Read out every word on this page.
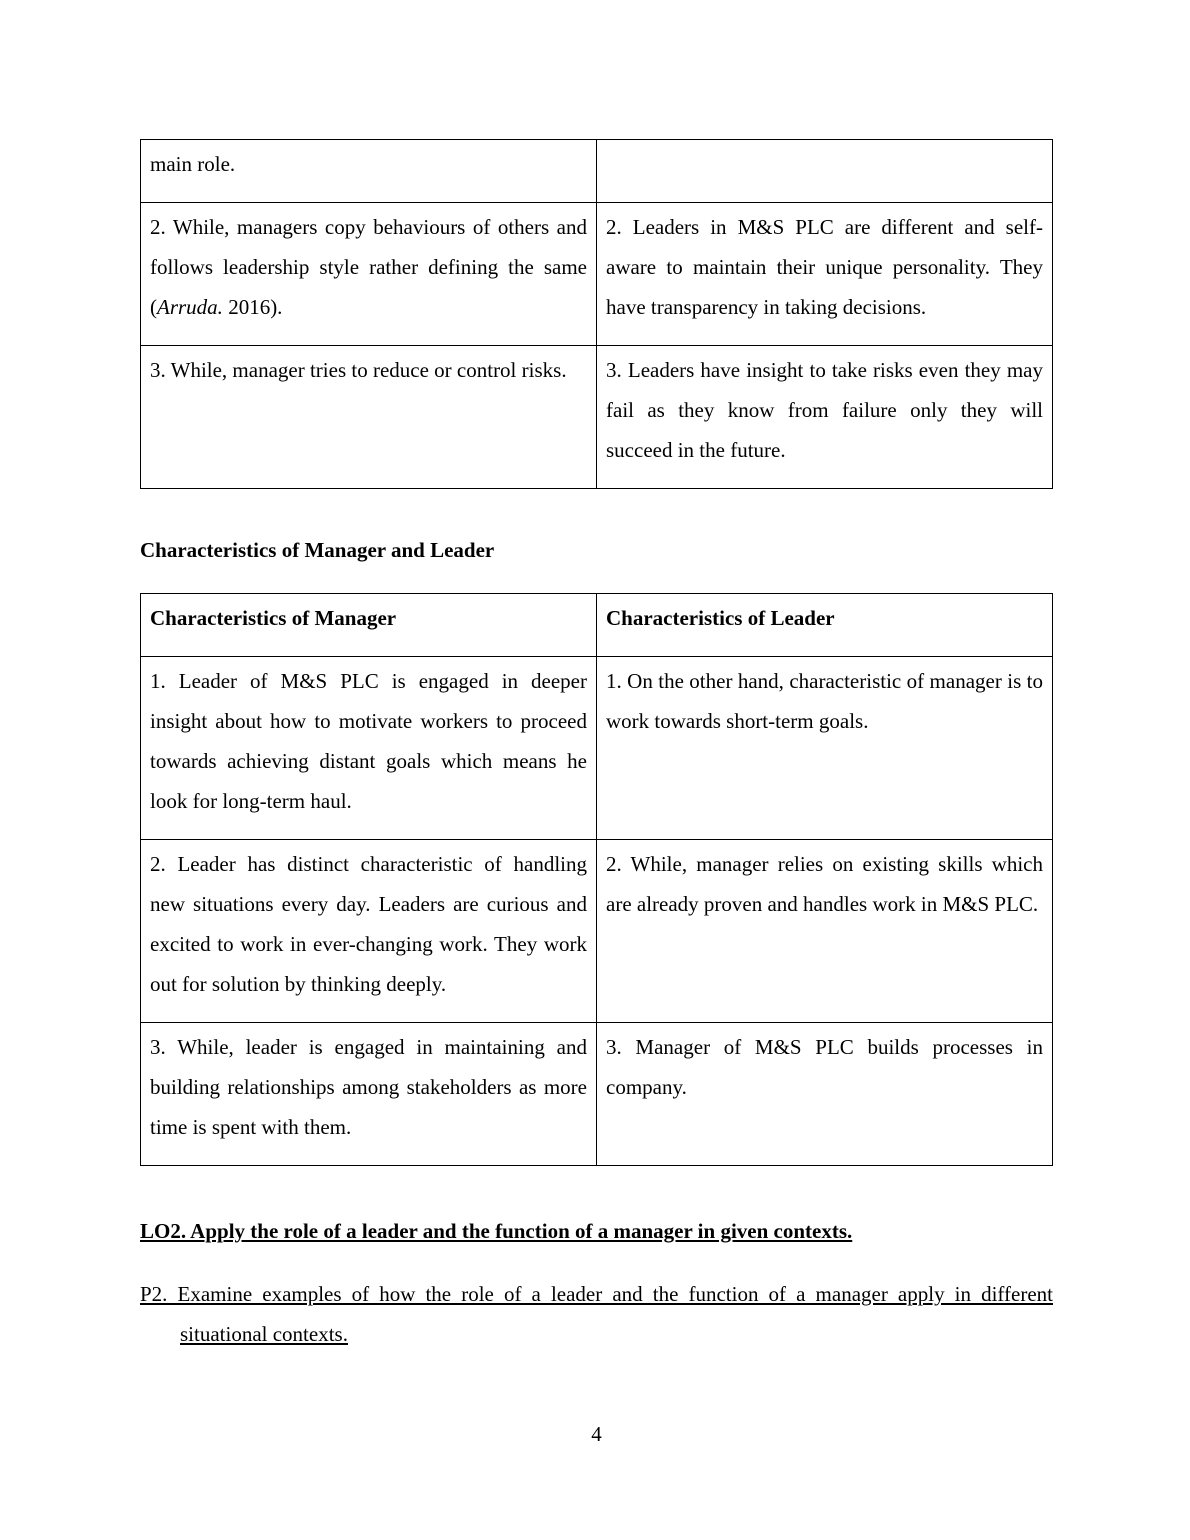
main role.	
2. While, managers copy behaviours of others and follows leadership style rather defining the same (Arruda. 2016).	2. Leaders in M&S PLC are different and self-aware to maintain their unique personality. They have transparency in taking decisions.
3. While, manager tries to reduce or control risks.	3. Leaders have insight to take risks even they may fail as they know from failure only they will succeed in the future.
Characteristics of Manager and Leader
Characteristics of Manager	Characteristics of Leader
1. Leader of M&S PLC is engaged in deeper insight about how to motivate workers to proceed towards achieving distant goals which means he look for long-term haul.	1. On the other hand, characteristic of manager is to work towards short-term goals.
2. Leader has distinct characteristic of handling new situations every day. Leaders are curious and excited to work in ever-changing work. They work out for solution by thinking deeply.	2. While, manager relies on existing skills which are already proven and handles work in M&S PLC.
3. While, leader is engaged in maintaining and building relationships among stakeholders as more time is spent with them.	3. Manager of M&S PLC builds processes in company.
LO2. Apply the role of a leader and the function of a manager in given contexts.

P2. Examine examples of how the role of a leader and the function of a manager apply in different situational contexts.

4
